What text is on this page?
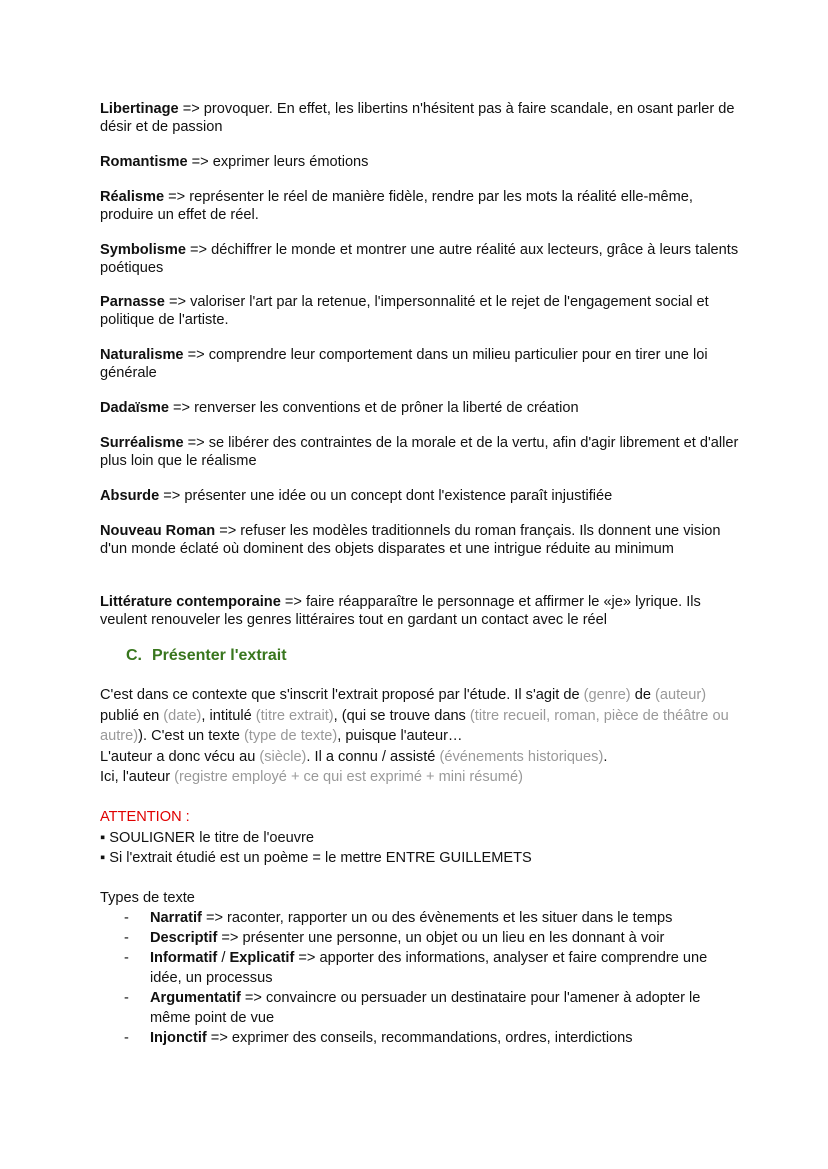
Libertinage => provoquer. En effet, les libertins n'hésitent pas à faire scandale, en osant parler de désir et de passion
Romantisme => exprimer leurs émotions
Réalisme => représenter le réel de manière fidèle, rendre par les mots la réalité elle-même, produire un effet de réel.
Symbolisme => déchiffrer le monde et montrer une autre réalité aux lecteurs, grâce à leurs talents poétiques
Parnasse => valoriser l'art par la retenue, l'impersonnalité et le rejet de l'engagement social et politique de l'artiste.
Naturalisme => comprendre leur comportement dans un milieu particulier pour en tirer une loi générale
Dadaïsme => renverser les conventions et de prôner la liberté de création
Surréalisme => se libérer des contraintes de la morale et de la vertu, afin d'agir librement et d'aller plus loin que le réalisme
Absurde => présenter une idée ou un concept dont l'existence paraît injustifiée
Nouveau Roman => refuser les modèles traditionnels du roman français. Ils donnent une vision d'un monde éclaté où dominent des objets disparates et une intrigue réduite au minimum
Littérature contemporaine => faire réapparaître le personnage et affirmer le «je» lyrique. Ils veulent renouveler les genres littéraires tout en gardant un contact avec le réel
C. Présenter l'extrait
C'est dans ce contexte que s'inscrit l'extrait proposé par l'étude. Il s'agit de (genre) de (auteur) publié en (date), intitulé (titre extrait), (qui se trouve dans (titre recueil, roman, pièce de théâtre ou autre)). C'est un texte (type de texte), puisque l'auteur…
L'auteur a donc vécu au (siècle). Il a connu / assisté (événements historiques).
Ici, l'auteur (registre employé + ce qui est exprimé + mini résumé)
ATTENTION :
▪ SOULIGNER le titre de l'oeuvre
▪ Si l'extrait étudié est un poème = le mettre ENTRE GUILLEMETS
Types de texte
- Narratif => raconter, rapporter un ou des évènements et les situer dans le temps
- Descriptif => présenter une personne, un objet ou un lieu en les donnant à voir
- Informatif / Explicatif => apporter des informations, analyser et faire comprendre une idée, un processus
- Argumentatif => convaincre ou persuader un destinataire pour l'amener à adopter le même point de vue
- Injonctif => exprimer des conseils, recommandations, ordres, interdictions
